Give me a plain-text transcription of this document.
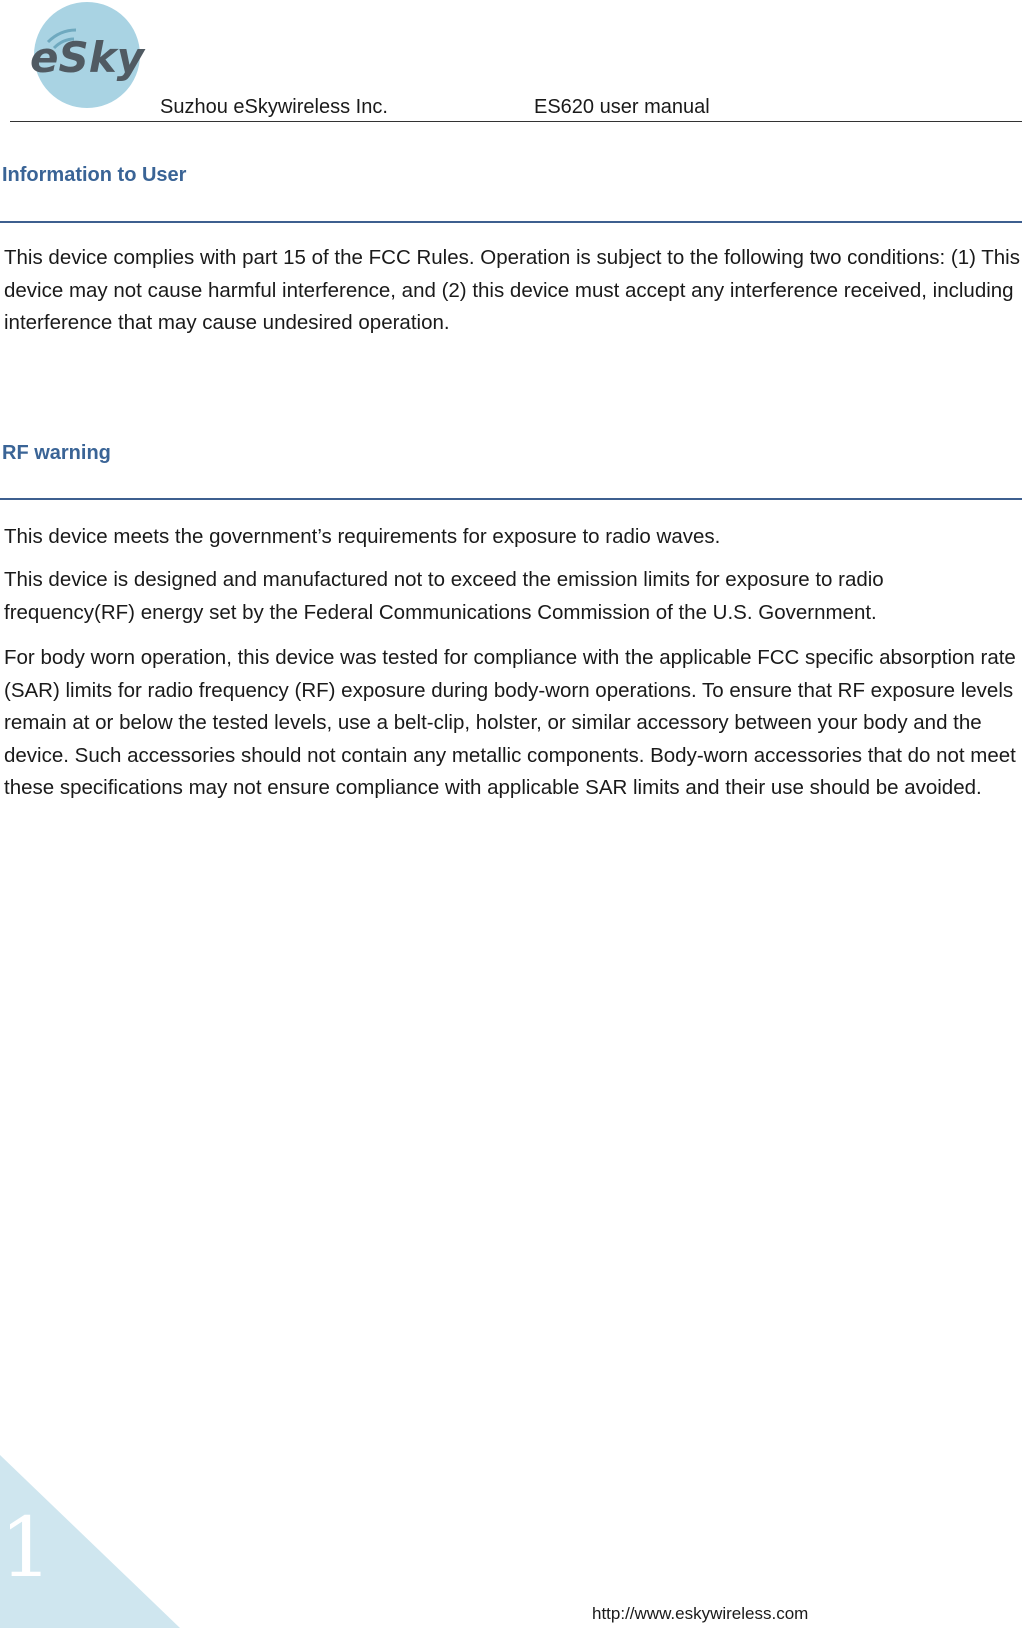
eSky
Suzhou eSkywireless Inc.	ES620 user manual
Information to User

This device complies with part 15 of the FCC Rules. Operation is subject to the following two conditions: (1) This device may not cause harmful interference, and (2) this device must accept any interference received, including interference that may cause undesired operation.

RF warning

This device meets the government’s requirements for exposure to radio waves.

This device is designed and manufactured not to exceed the emission limits for exposure to radio frequency(RF) energy set by the Federal Communications Commission of the U.S. Government.

For body worn operation, this device was tested for compliance with the applicable FCC specific absorption rate (SAR) limits for radio frequency (RF) exposure during body-worn operations. To ensure that RF exposure levels remain at or below the tested levels, use a belt-clip, holster, or similar accessory between your body and the device. Such accessories should not contain any metallic components. Body-worn accessories that do not meet these specifications may not ensure compliance with applicable SAR limits and their use should be avoided.

1
http://www.eskywireless.com
